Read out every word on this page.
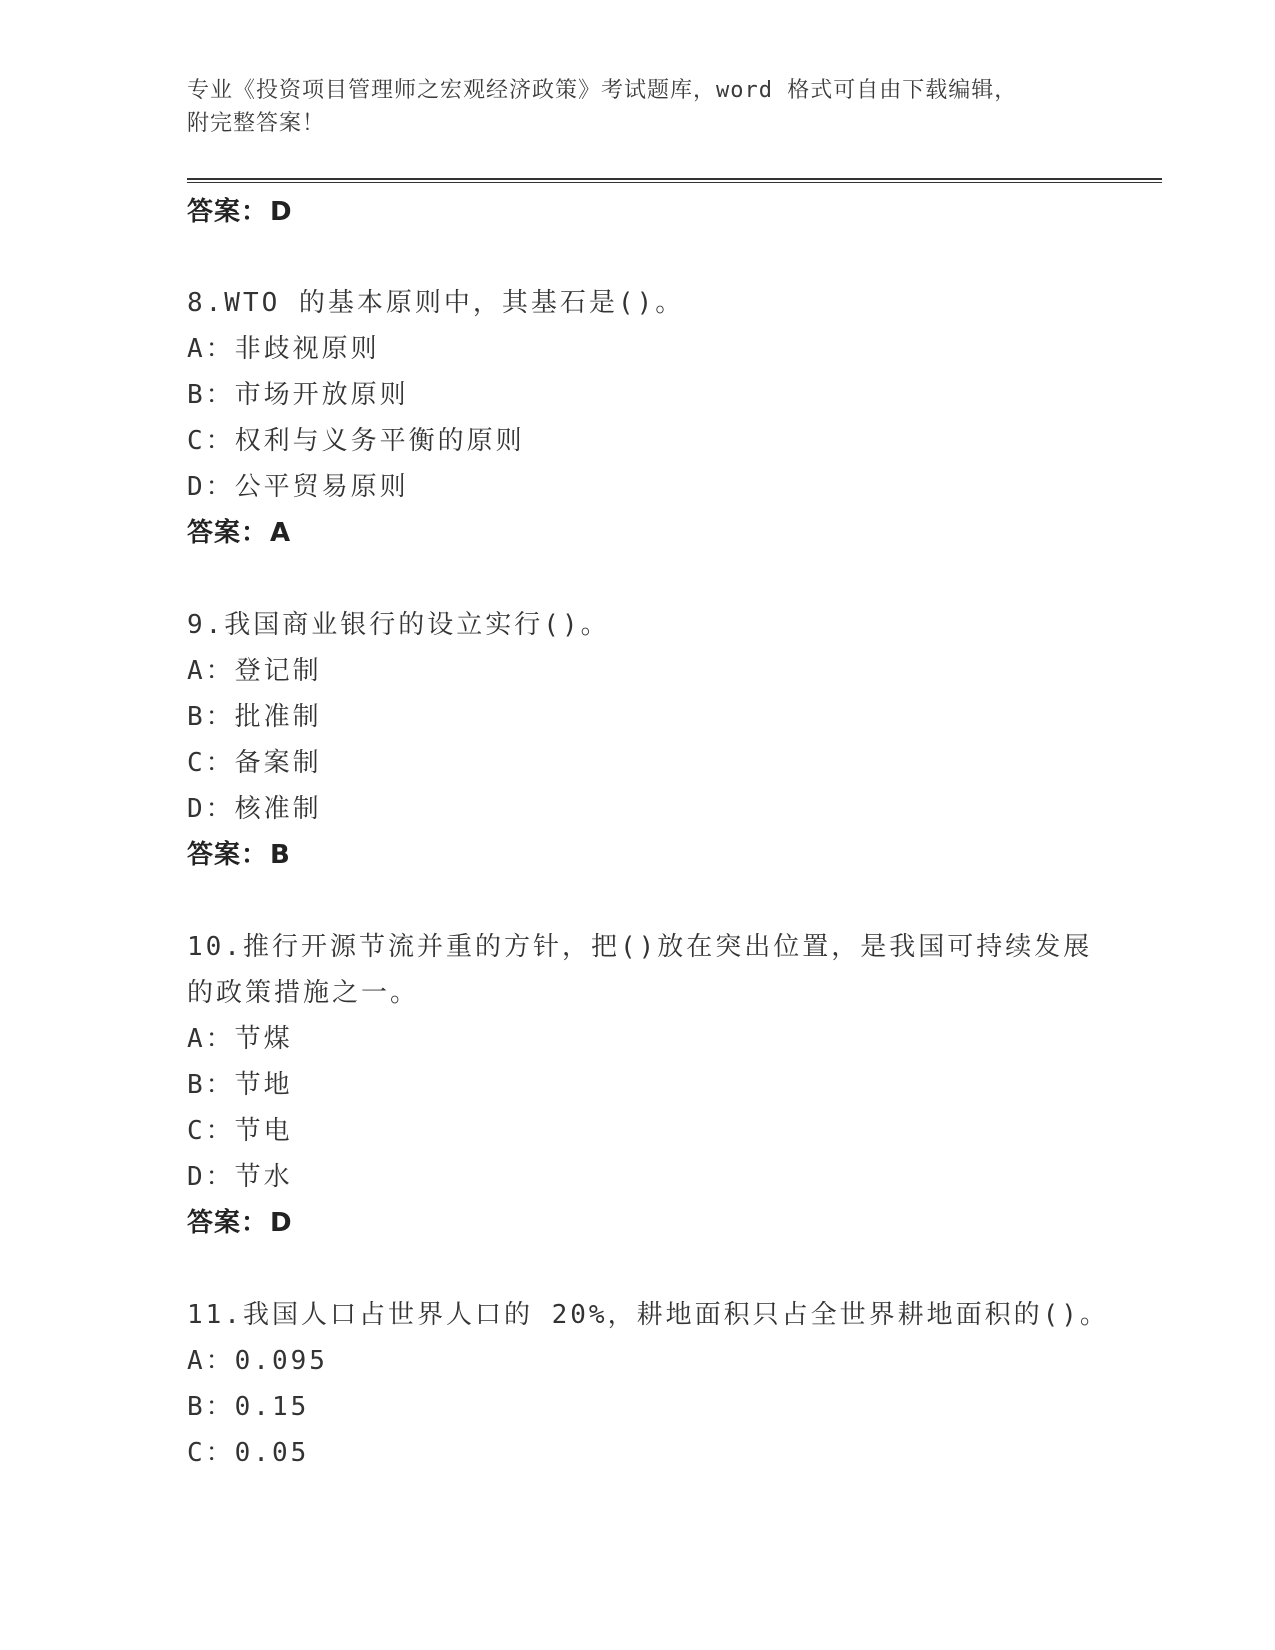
专业《投资项目管理师之宏观经济政策》考试题库，word 格式可自由下载编辑，
附完整答案！
答案：D

8.WTO 的基本原则中，其基石是()。

A：非歧视原则

B：市场开放原则

C：权利与义务平衡的原则

D：公平贸易原则

答案：A

9.我国商业银行的设立实行()。

A：登记制

B：批准制

C：备案制

D：核准制

答案：B

10.推行开源节流并重的方针，把()放在突出位置，是我国可持续发展

的政策措施之一。

A：节煤

B：节地

C：节电

D：节水

答案：D

11.我国人口占世界人口的 20%，耕地面积只占全世界耕地面积的()。

A：0.095

B：0.15

C：0.05
